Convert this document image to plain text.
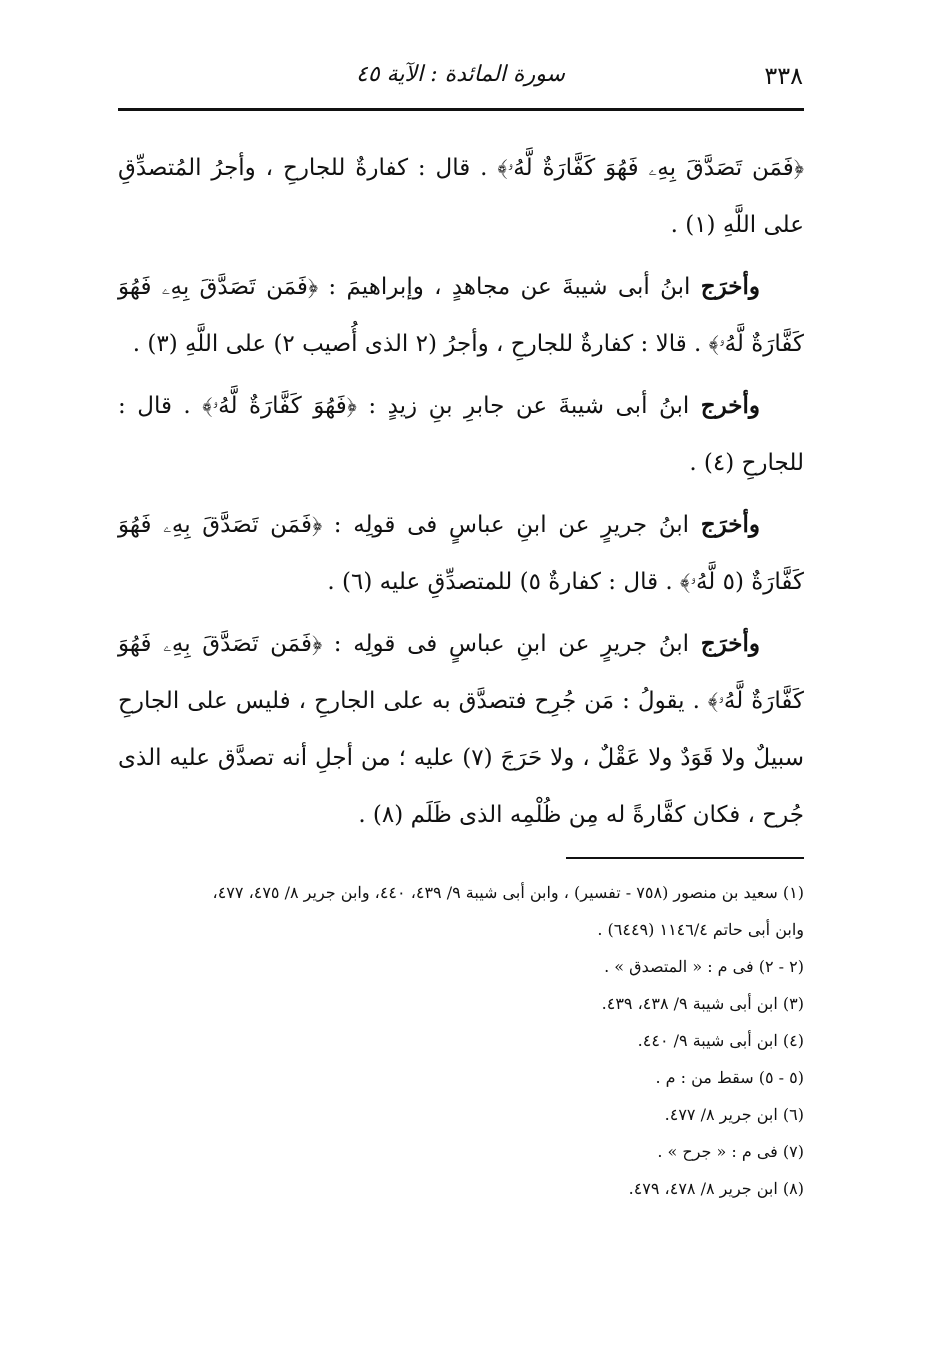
٣٣٨
سورة المائدة : الآية ٤٥

﴿فَمَن تَصَدَّقَ بِهِۦ فَهُوَ كَفَّارَةٌ لَّهُۥ﴾ . قال : كفارةٌ للجارحِ ، وأجرُ المُتصدِّقِ على اللَّهِ (١) .

وأخرَج ابنُ أبى شيبةَ عن مجاهدٍ ، وإبراهيمَ : ﴿فَمَن تَصَدَّقَ بِهِۦ فَهُوَ كَفَّارَةٌ لَّهُۥ﴾ . قالا : كفارةٌ للجارحِ ، وأجرُ (٢ الذى أُصيب ٢) على اللَّهِ (٣) .

وأخرج ابنُ أبى شيبةَ عن جابرِ بنِ زيدٍ : ﴿فَهُوَ كَفَّارَةٌ لَّهُۥ﴾ . قال : للجارحِ (٤) .

وأخرَج ابنُ جريرٍ عن ابنِ عباسٍ فى قولِه : ﴿فَمَن تَصَدَّقَ بِهِۦ فَهُوَ كَفَّارَةٌ (٥ لَّهُۥ﴾ . قال : كفارةٌ ٥) للمتصدِّقِ عليه (٦) .

وأخرَج ابنُ جريرٍ عن ابنِ عباسٍ فى قولِه : ﴿فَمَن تَصَدَّقَ بِهِۦ فَهُوَ كَفَّارَةٌ لَّهُۥ﴾ . يقولُ : مَن جُرِح فتصدَّق به على الجارحِ ، فليس على الجارحِ سبيلٌ ولا قَوَدٌ ولا عَقْلٌ ، ولا حَرَجَ (٧) عليه ؛ من أجلِ أنه تصدَّق عليه الذى جُرح ، فكان كفَّارةً له مِن ظُلْمِه الذى ظَلَم (٨) .

(١) سعيد بن منصور (٧٥٨ - تفسير) ، وابن أبى شيبة ٩/ ٤٣٩، ٤٤٠، وابن جرير ٨/ ٤٧٥، ٤٧٧،

وابن أبى حاتم ١١٤٦/٤ (٦٤٤٩) .

(٢ - ٢) فى م : « المتصدق » .

(٣) ابن أبى شيبة ٩/ ٤٣٨، ٤٣٩.

(٤) ابن أبى شيبة ٩/ ٤٤٠.

(٥ - ٥) سقط من : م .

(٦) ابن جرير ٨/ ٤٧٧.

(٧) فى م : « جرح » .

(٨) ابن جرير ٨/ ٤٧٨، ٤٧٩.
